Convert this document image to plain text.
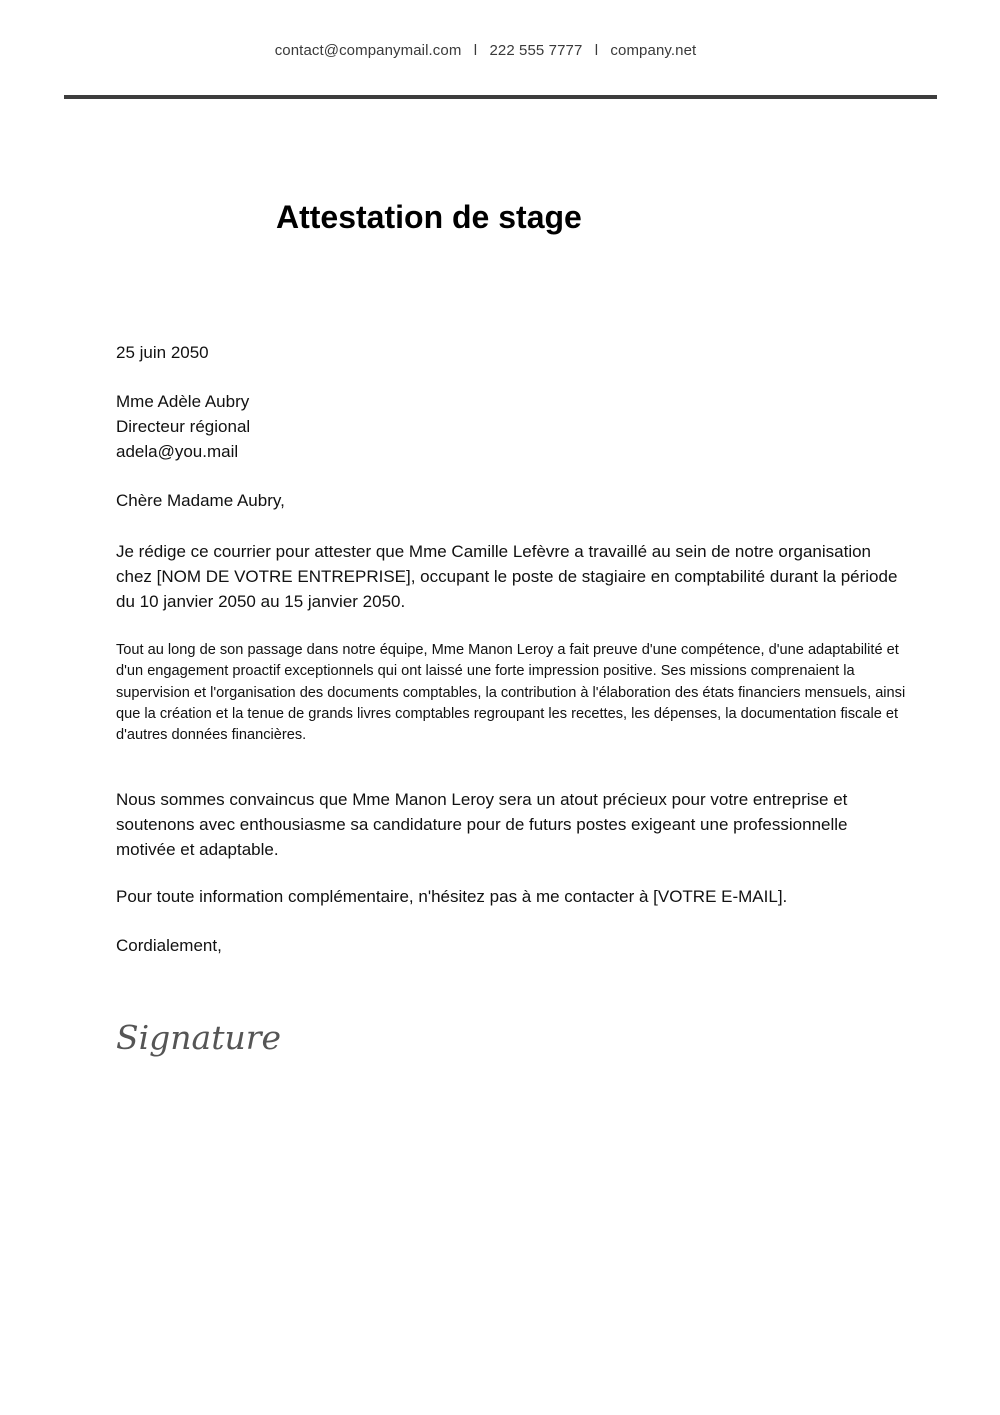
contact@companymail.com l 222 555 7777 l company.net
Attestation de stage

25 juin 2050

Mme Adèle Aubry
Directeur régional
adela@you.mail

Chère Madame Aubry,

Je rédige ce courrier pour attester que Mme Camille Lefèvre a travaillé au sein de notre organisation chez [NOM DE VOTRE ENTREPRISE], occupant le poste de stagiaire en comptabilité durant la période du 10 janvier 2050 au 15 janvier 2050.

Tout au long de son passage dans notre équipe, Mme Manon Leroy a fait preuve d'une compétence, d'une adaptabilité et d'un engagement proactif exceptionnels qui ont laissé une forte impression positive. Ses missions comprenaient la supervision et l'organisation des documents comptables, la contribution à l'élaboration des états financiers mensuels, ainsi que la création et la tenue de grands livres comptables regroupant les recettes, les dépenses, la documentation fiscale et d'autres données financières.

Nous sommes convaincus que Mme Manon Leroy sera un atout précieux pour votre entreprise et soutenons avec enthousiasme sa candidature pour de futurs postes exigeant une professionnelle motivée et adaptable.

Pour toute information complémentaire, n'hésitez pas à me contacter à [VOTRE E-MAIL].

Cordialement,

Signature
